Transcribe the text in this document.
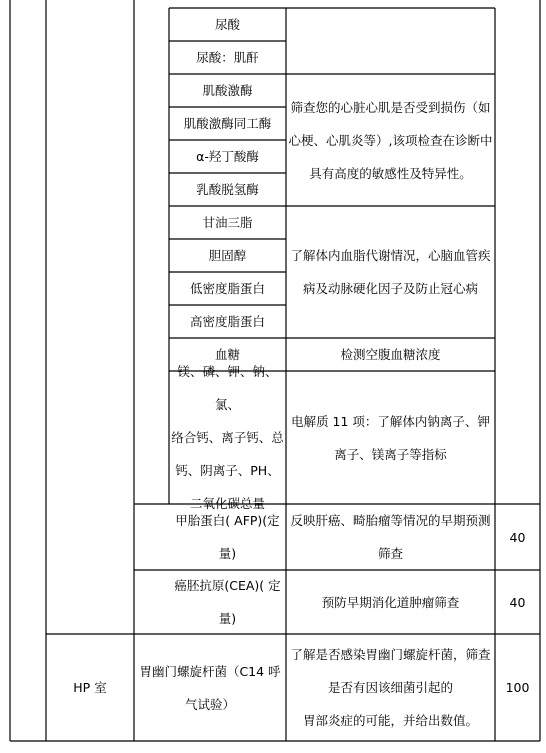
尿酸
尿酸：肌酐
肌酸激酶
肌酸激酶同工酶
α-羟丁酸酶
乳酸脱氢酶
甘油三脂
胆固醇
低密度脂蛋白
高密度脂蛋白
血糖
镁、磷、钾、钠、氯、
络合钙、离子钙、总
钙、阴离子、PH、
二氧化碳总量
甲胎蛋白( AFP)(定
量)
癌胚抗原(CEA)( 定
量)
胃幽门螺旋杆菌（C14 呼
气试验）
HP 室
筛查您的心脏心肌是否受到损伤（如
心梗、心肌炎等）,该项检查在诊断中
具有高度的敏感性及特异性。
了解体内血脂代谢情况，心脑血管疾
病及动脉硬化因子及防止冠心病
检测空腹血糖浓度
电解质 11 项：了解体内钠离子、钾
离子、镁离子等指标
反映肝癌、畸胎瘤等情况的早期预测
筛查
预防早期消化道肿瘤筛查
了解是否感染胃幽门螺旋杆菌，筛查
是否有因该细菌引起的
胃部炎症的可能，并给出数值。
40
40
100
